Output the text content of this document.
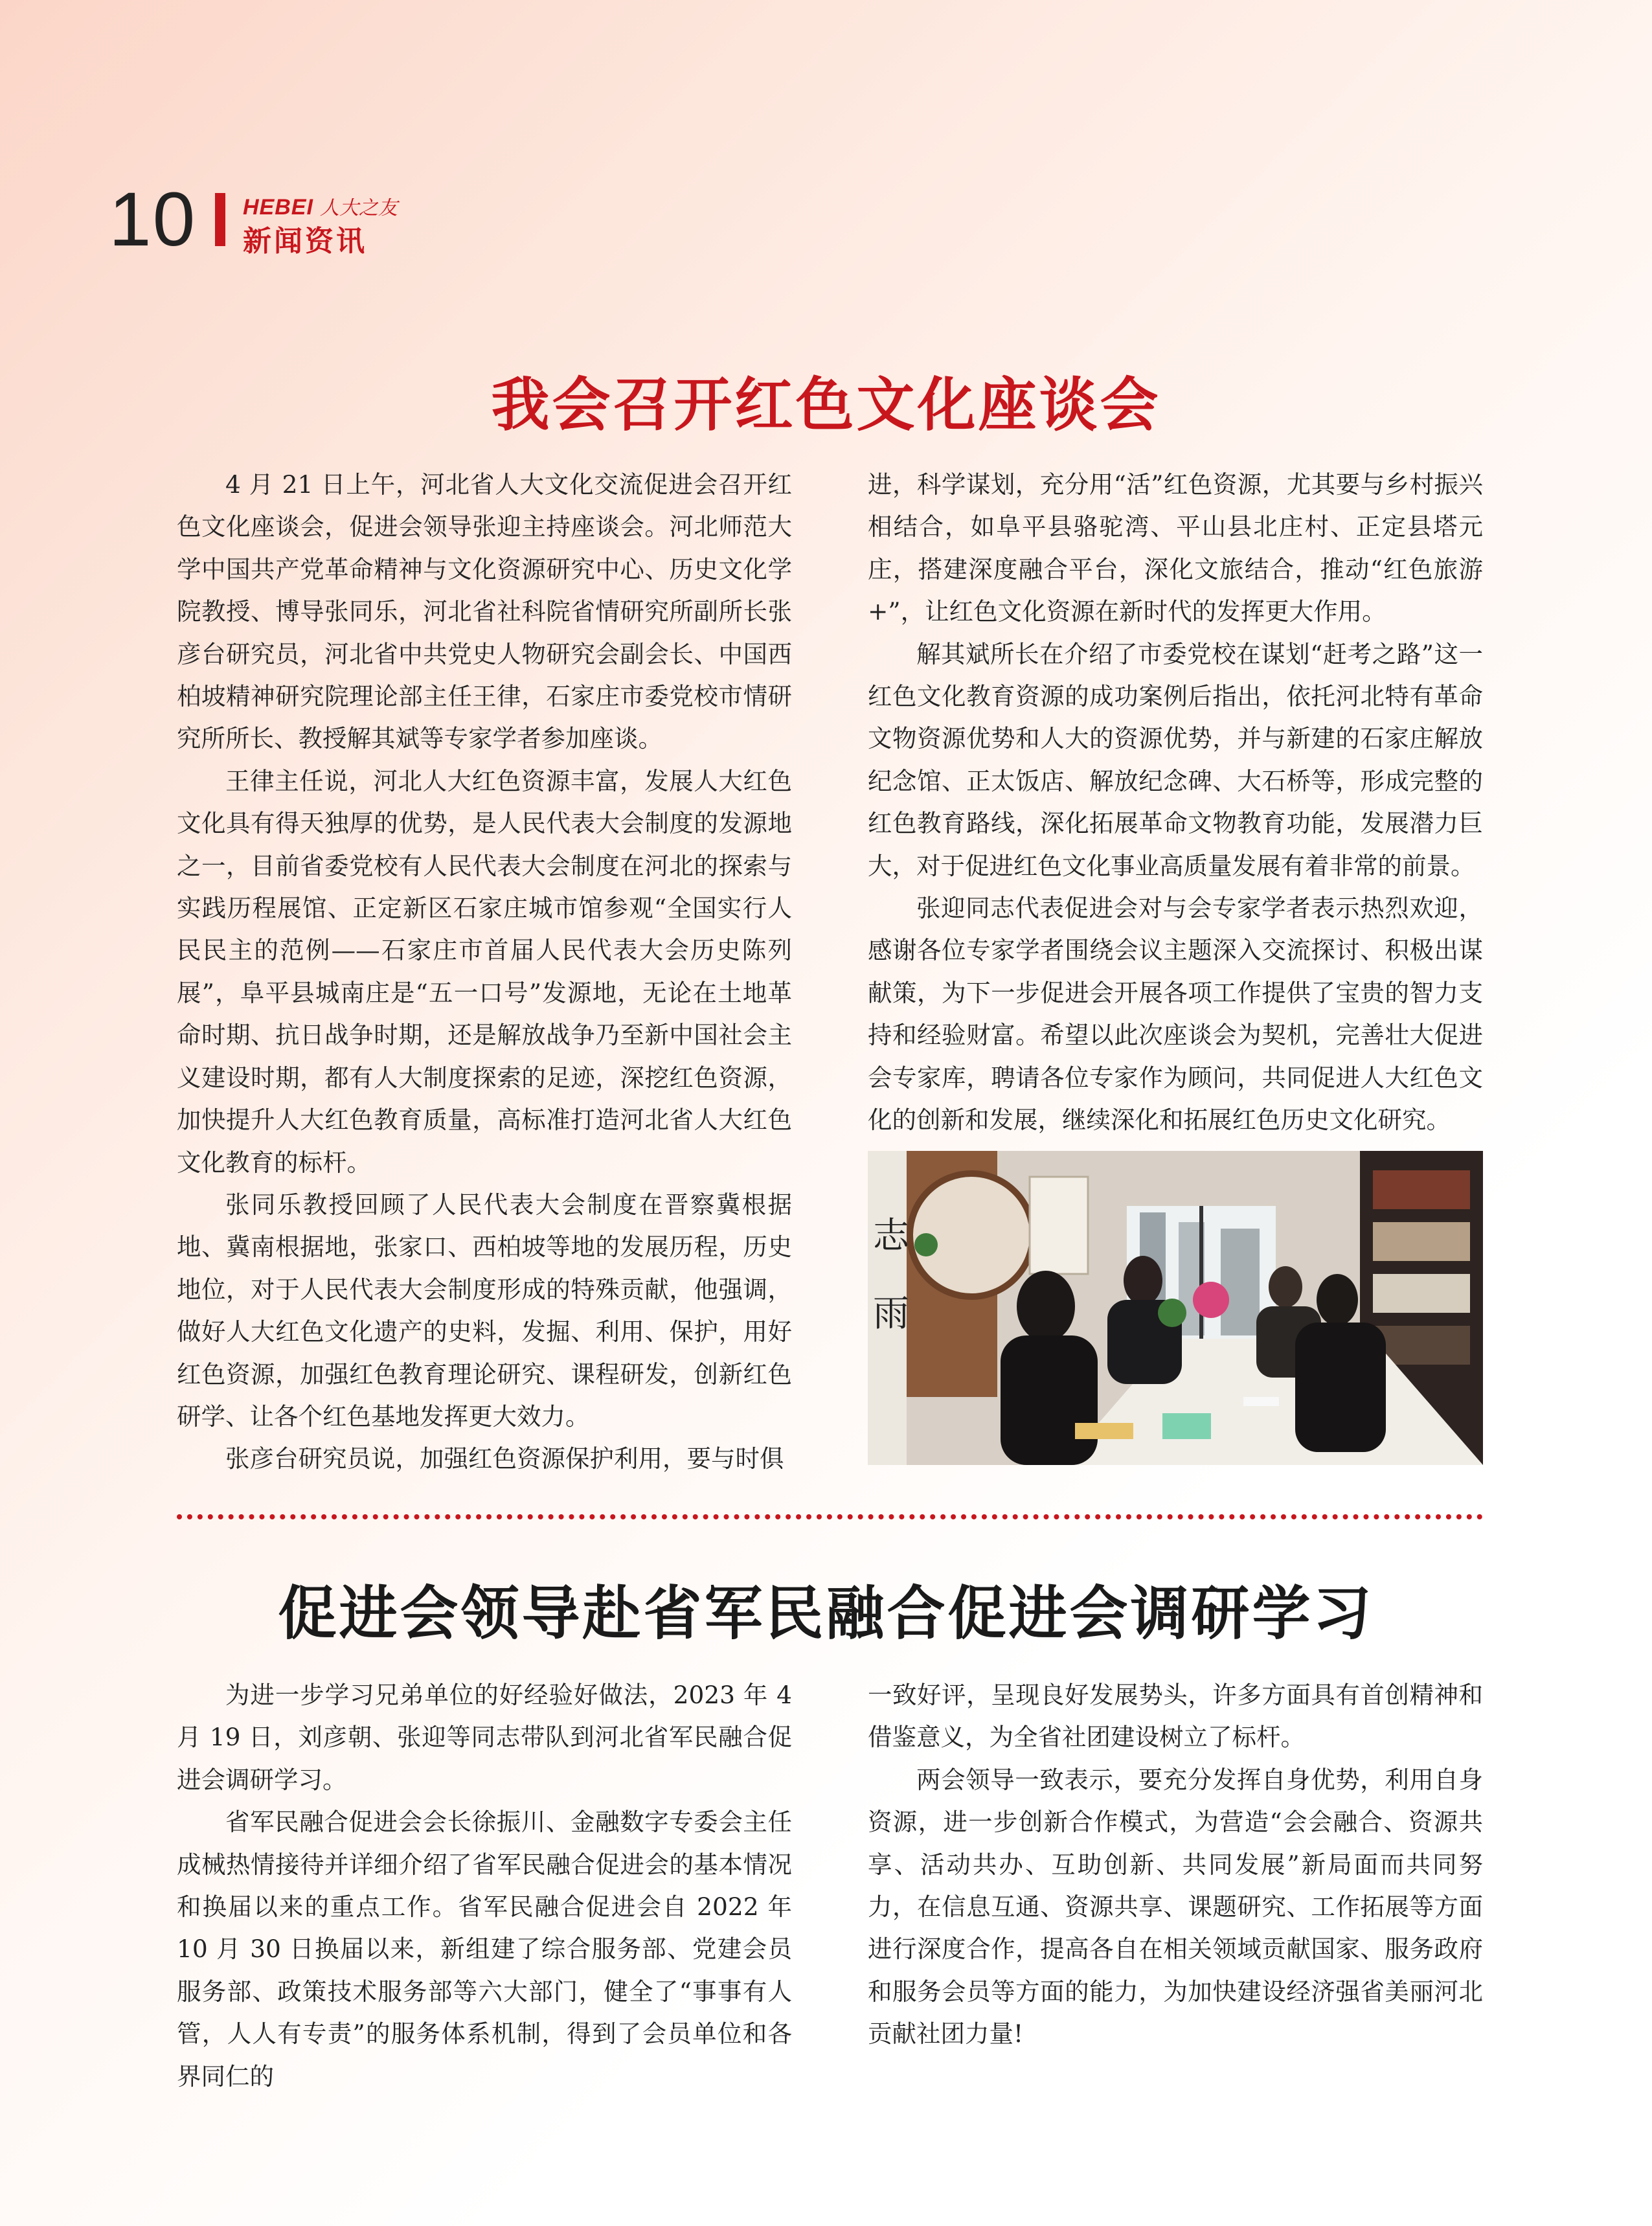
10 HEBEI 人大之友
新闻资讯
我会召开红色文化座谈会

4 月 21 日上午，河北省人大文化交流促进会召开红色文化座谈会，促进会领导张迎主持座谈会。河北师范大学中国共产党革命精神与文化资源研究中心、历史文化学院教授、博导张同乐，河北省社科院省情研究所副所长张彦台研究员，河北省中共党史人物研究会副会长、中国西柏坡精神研究院理论部主任王律，石家庄市委党校市情研究所所长、教授解其斌等专家学者参加座谈。

王律主任说，河北人大红色资源丰富，发展人大红色文化具有得天独厚的优势，是人民代表大会制度的发源地之一，目前省委党校有人民代表大会制度在河北的探索与实践历程展馆、正定新区石家庄城市馆参观“全国实行人民民主的范例——石家庄市首届人民代表大会历史陈列展”，阜平县城南庄是“五一口号”发源地，无论在土地革命时期、抗日战争时期，还是解放战争乃至新中国社会主义建设时期，都有人大制度探索的足迹，深挖红色资源，加快提升人大红色教育质量，高标准打造河北省人大红色文化教育的标杆。

张同乐教授回顾了人民代表大会制度在晋察冀根据地、冀南根据地，张家口、西柏坡等地的发展历程，历史地位，对于人民代表大会制度形成的特殊贡献，他强调，做好人大红色文化遗产的史料，发掘、利用、保护，用好红色资源，加强红色教育理论研究、课程研发，创新红色研学、让各个红色基地发挥更大效力。

张彦台研究员说，加强红色资源保护利用，要与时俱

进，科学谋划，充分用“活”红色资源，尤其要与乡村振兴相结合，如阜平县骆驼湾、平山县北庄村、正定县塔元庄，搭建深度融合平台，深化文旅结合，推动“红色旅游 +”，让红色文化资源在新时代的发挥更大作用。

解其斌所长在介绍了市委党校在谋划“赶考之路”这一红色文化教育资源的成功案例后指出，依托河北特有革命文物资源优势和人大的资源优势，并与新建的石家庄解放纪念馆、正太饭店、解放纪念碑、大石桥等，形成完整的红色教育路线，深化拓展革命文物教育功能，发展潜力巨大，对于促进红色文化事业高质量发展有着非常的前景。

张迎同志代表促进会对与会专家学者表示热烈欢迎，感谢各位专家学者围绕会议主题深入交流探讨、积极出谋献策，为下一步促进会开展各项工作提供了宝贵的智力支持和经验财富。希望以此次座谈会为契机，完善壮大促进会专家库，聘请各位专家作为顾问，共同促进人大红色文化的创新和发展，继续深化和拓展红色历史文化研究。

志
雨
促进会领导赴省军民融合促进会调研学习

为进一步学习兄弟单位的好经验好做法，2023 年 4 月 19 日，刘彦朝、张迎等同志带队到河北省军民融合促进会调研学习。

省军民融合促进会会长徐振川、金融数字专委会主任成械热情接待并详细介绍了省军民融合促进会的基本情况和换届以来的重点工作。省军民融合促进会自 2022 年 10 月 30 日换届以来，新组建了综合服务部、党建会员服务部、政策技术服务部等六大部门，健全了“事事有人管，人人有专责”的服务体系机制，得到了会员单位和各界同仁的

一致好评，呈现良好发展势头，许多方面具有首创精神和借鉴意义，为全省社团建设树立了标杆。

两会领导一致表示，要充分发挥自身优势，利用自身资源，进一步创新合作模式，为营造“会会融合、资源共享、活动共办、互助创新、共同发展”新局面而共同努力，在信息互通、资源共享、课题研究、工作拓展等方面进行深度合作，提高各自在相关领域贡献国家、服务政府和服务会员等方面的能力，为加快建设经济强省美丽河北贡献社团力量!
